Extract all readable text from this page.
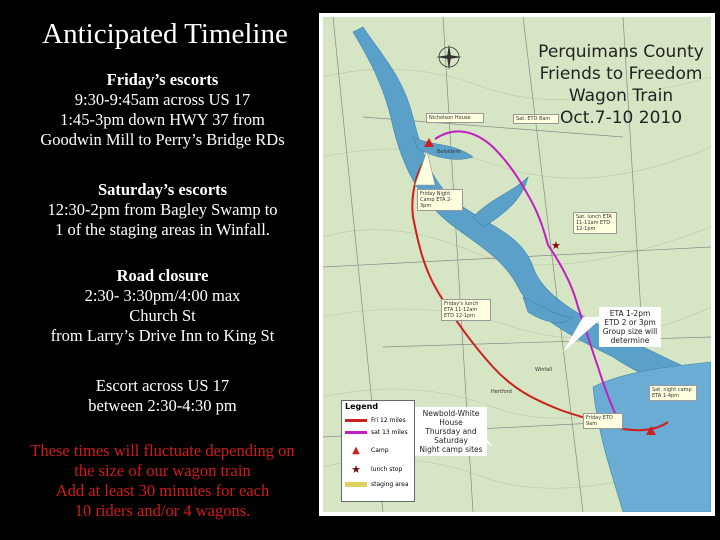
Anticipated Timeline
Friday’s escorts
9:30-9:45am across US 17
1:45-3pm down HWY 37 from
Goodwin Mill to Perry’s Bridge RDs
Saturday’s escorts
12:30-2pm from Bagley Swamp to
1 of the staging areas in Winfall.
Road closure
2:30- 3:30pm/4:00 max
Church St
from Larry’s Drive Inn to King St
Escort across US 17
between 2:30-4:30 pm
These times will fluctuate depending on
the size of our wagon train
Add at least 30 minutes for each
10 riders and/or 4 wagons.
★
Perquimans County
Friends to Freedom
Wagon Train
Oct.7-10 2010
Nicholson House	Sat. ETD 8am
Friday Night Camp ETA 2-3pm
Sat. lunch ETA 11-11am ETD 12-1pm
Friday's lunch ETA 11-12am ETD 12-1pm
Sat. night camp ETA 1-4pm
Friday ETD 9am
Belvidere
Winfall
Hertford
ETA 1-2pm
ETD 2 or 3pm
Group size will
determine
Newbold-White
House
Thursday and
Saturday
Night camp sites
Legend
Fri 12 miles
sat 13 miles
▲	Camp
★	lunch stop
staging area
